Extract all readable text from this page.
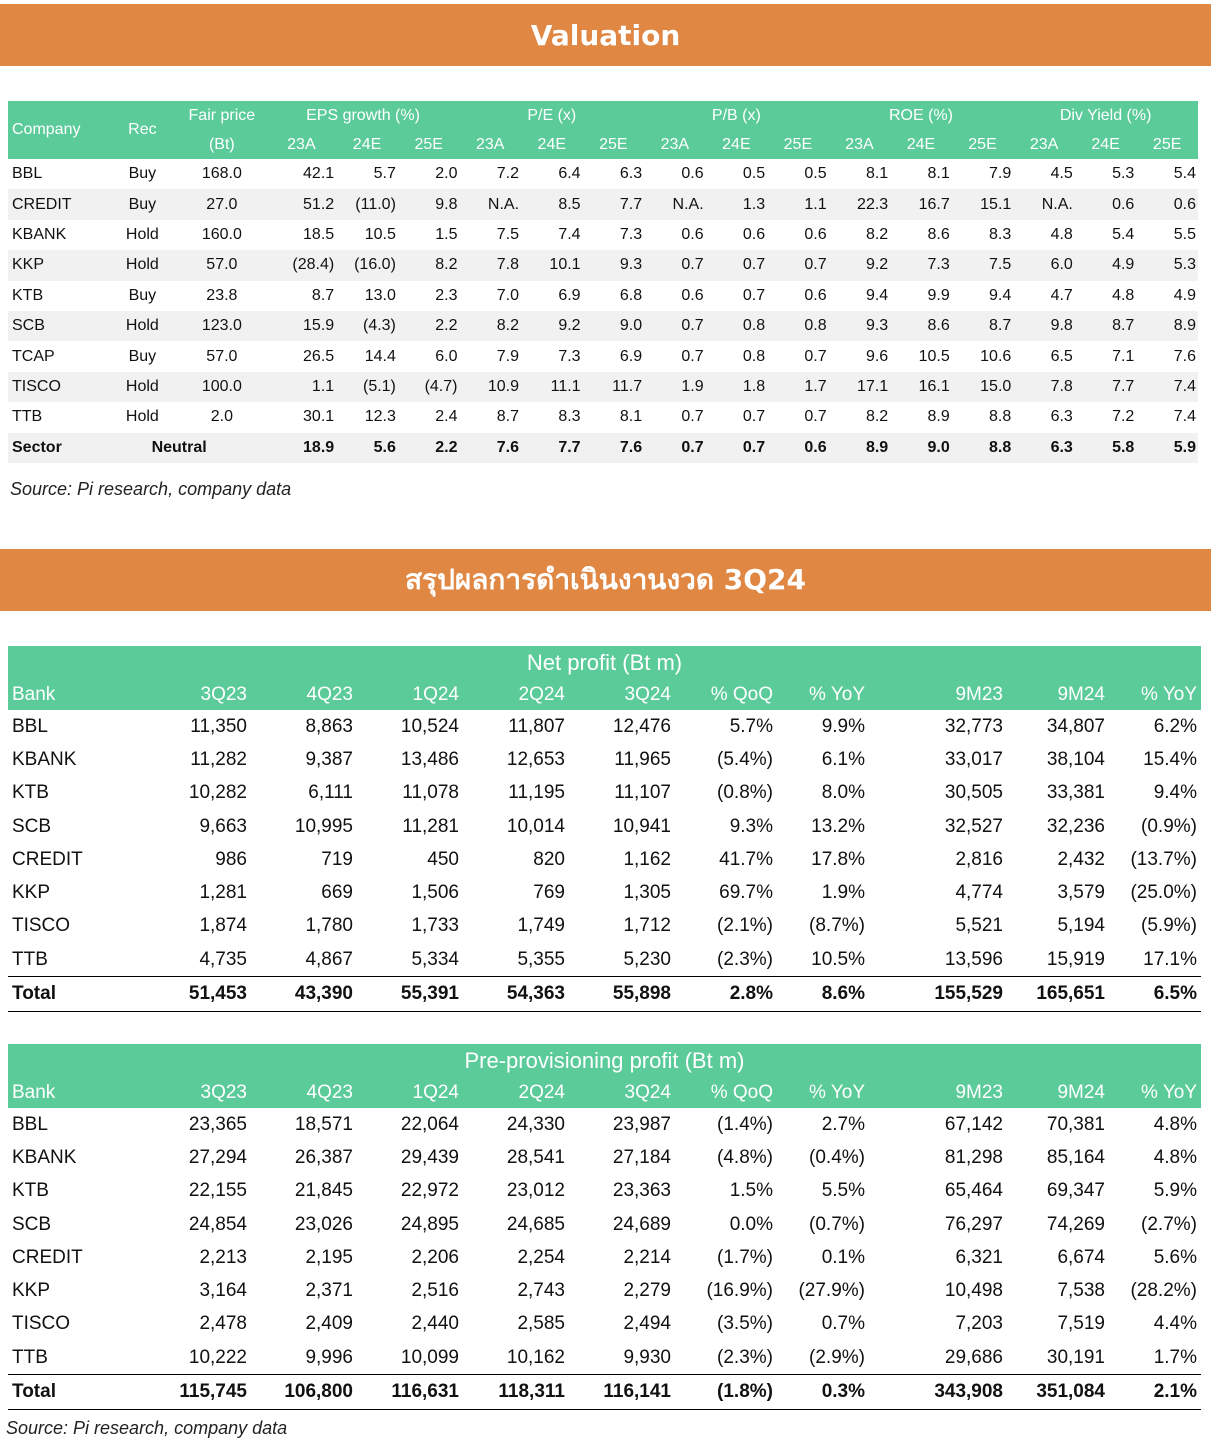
Valuation
Company	Rec	Fair price	EPS growth (%)			P/E (x)			P/B (x)			ROE (%)			Div Yield (%)		
		(Bt)	23A	24E	25E	23A	24E	25E	23A	24E	25E	23A	24E	25E	23A	24E	25E
BBL	Buy	168.0	42.1	5.7	2.0	7.2	6.4	6.3	0.6	0.5	0.5	8.1	8.1	7.9	4.5	5.3	5.4
CREDIT	Buy	27.0	51.2	(11.0)	9.8	N.A.	8.5	7.7	N.A.	1.3	1.1	22.3	16.7	15.1	N.A.	0.6	0.6
KBANK	Hold	160.0	18.5	10.5	1.5	7.5	7.4	7.3	0.6	0.6	0.6	8.2	8.6	8.3	4.8	5.4	5.5
KKP	Hold	57.0	(28.4)	(16.0)	8.2	7.8	10.1	9.3	0.7	0.7	0.7	9.2	7.3	7.5	6.0	4.9	5.3
KTB	Buy	23.8	8.7	13.0	2.3	7.0	6.9	6.8	0.6	0.7	0.6	9.4	9.9	9.4	4.7	4.8	4.9
SCB	Hold	123.0	15.9	(4.3)	2.2	8.2	9.2	9.0	0.7	0.8	0.8	9.3	8.6	8.7	9.8	8.7	8.9
TCAP	Buy	57.0	26.5	14.4	6.0	7.9	7.3	6.9	0.7	0.8	0.7	9.6	10.5	10.6	6.5	7.1	7.6
TISCO	Hold	100.0	1.1	(5.1)	(4.7)	10.9	11.1	11.7	1.9	1.8	1.7	17.1	16.1	15.0	7.8	7.7	7.4
TTB	Hold	2.0	30.1	12.3	2.4	8.7	8.3	8.1	0.7	0.7	0.7	8.2	8.9	8.8	6.3	7.2	7.4
Sector	Neutral		18.9	5.6	2.2	7.6	7.7	7.6	0.7	0.7	0.6	8.9	9.0	8.8	6.3	5.8	5.9
Source: Pi research, company data
สรุปผลการดำเนินงานงวด 3Q24
Net profit (Bt m)										
Bank	3Q23	4Q23	1Q24	2Q24	3Q24	% QoQ	% YoY	9M23	9M24	% YoY
BBL	11,350	8,863	10,524	11,807	12,476	5.7%	9.9%	32,773	34,807	6.2%
KBANK	11,282	9,387	13,486	12,653	11,965	(5.4%)	6.1%	33,017	38,104	15.4%
KTB	10,282	6,111	11,078	11,195	11,107	(0.8%)	8.0%	30,505	33,381	9.4%
SCB	9,663	10,995	11,281	10,014	10,941	9.3%	13.2%	32,527	32,236	(0.9%)
CREDIT	986	719	450	820	1,162	41.7%	17.8%	2,816	2,432	(13.7%)
KKP	1,281	669	1,506	769	1,305	69.7%	1.9%	4,774	3,579	(25.0%)
TISCO	1,874	1,780	1,733	1,749	1,712	(2.1%)	(8.7%)	5,521	5,194	(5.9%)
TTB	4,735	4,867	5,334	5,355	5,230	(2.3%)	10.5%	13,596	15,919	17.1%
Total	51,453	43,390	55,391	54,363	55,898	2.8%	8.6%	155,529	165,651	6.5%
Pre-provisioning profit (Bt m)										
Bank	3Q23	4Q23	1Q24	2Q24	3Q24	% QoQ	% YoY	9M23	9M24	% YoY
BBL	23,365	18,571	22,064	24,330	23,987	(1.4%)	2.7%	67,142	70,381	4.8%
KBANK	27,294	26,387	29,439	28,541	27,184	(4.8%)	(0.4%)	81,298	85,164	4.8%
KTB	22,155	21,845	22,972	23,012	23,363	1.5%	5.5%	65,464	69,347	5.9%
SCB	24,854	23,026	24,895	24,685	24,689	0.0%	(0.7%)	76,297	74,269	(2.7%)
CREDIT	2,213	2,195	2,206	2,254	2,214	(1.7%)	0.1%	6,321	6,674	5.6%
KKP	3,164	2,371	2,516	2,743	2,279	(16.9%)	(27.9%)	10,498	7,538	(28.2%)
TISCO	2,478	2,409	2,440	2,585	2,494	(3.5%)	0.7%	7,203	7,519	4.4%
TTB	10,222	9,996	10,099	10,162	9,930	(2.3%)	(2.9%)	29,686	30,191	1.7%
Total	115,745	106,800	116,631	118,311	116,141	(1.8%)	0.3%	343,908	351,084	2.1%
Source: Pi research, company data
